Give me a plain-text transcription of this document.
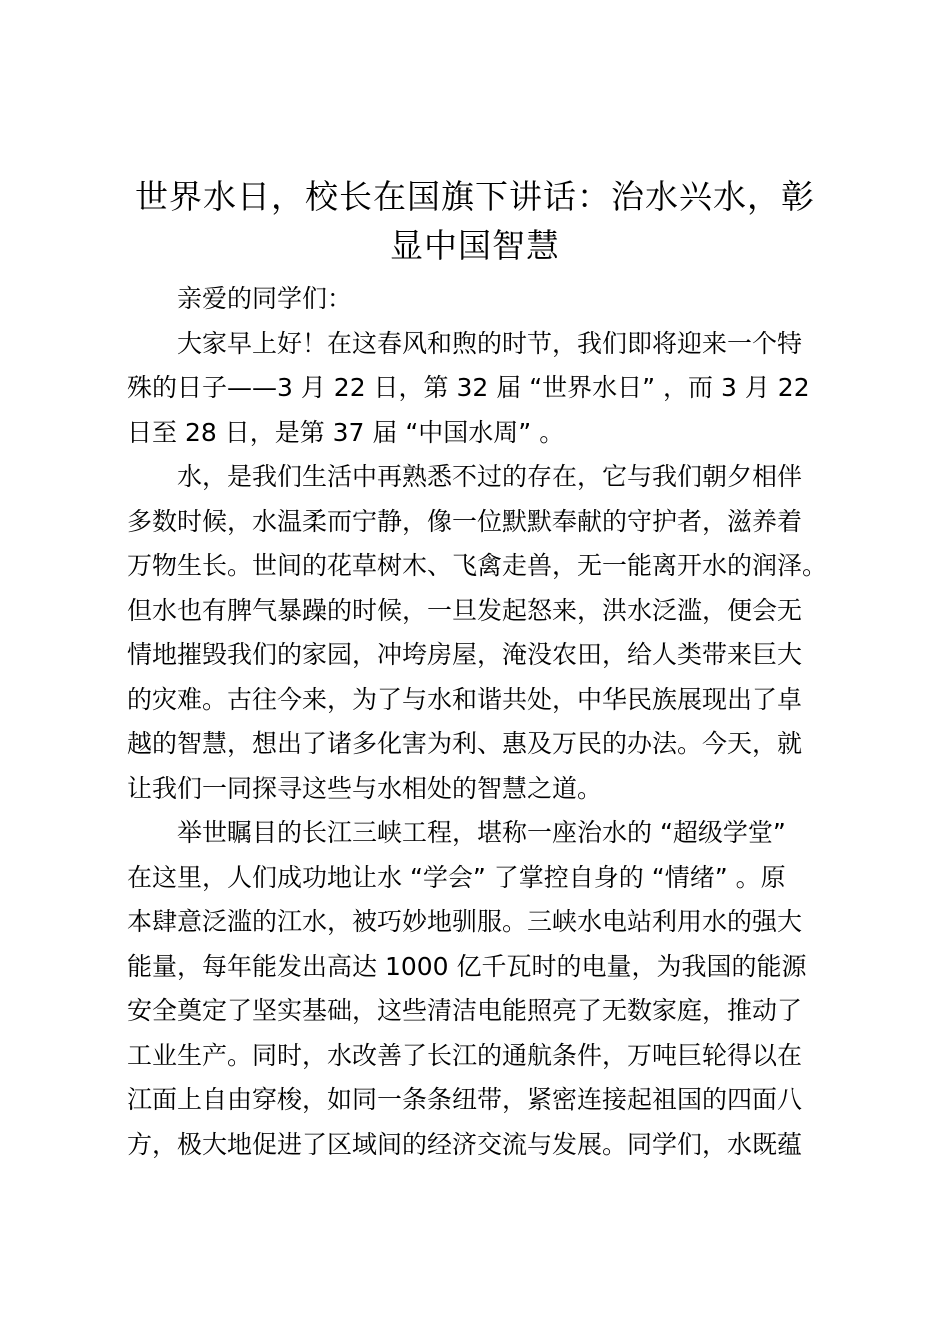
世界水日，校长在国旗下讲话：治水兴水，彰
显中国智慧
亲爱的同学们：
大家早上好！在这春风和煦的时节，我们即将迎来一个特
殊的日子——3 月 22 日，第 32 届 “世界水日” ，而 3 月 22
日至 28 日，是第 37 届 “中国水周” 。
水，是我们生活中再熟悉不过的存在，它与我们朝夕相伴
多数时候，水温柔而宁静，像一位默默奉献的守护者，滋养着
万物生长。世间的花草树木、飞禽走兽，无一能离开水的润泽。
但水也有脾气暴躁的时候，一旦发起怒来，洪水泛滥，便会无
情地摧毁我们的家园，冲垮房屋，淹没农田，给人类带来巨大
的灾难。古往今来，为了与水和谐共处，中华民族展现出了卓
越的智慧，想出了诸多化害为利、惠及万民的办法。今天，就
让我们一同探寻这些与水相处的智慧之道。
举世瞩目的长江三峡工程，堪称一座治水的 “超级学堂”
在这里，人们成功地让水 “学会” 了掌控自身的 “情绪” 。原
本肆意泛滥的江水，被巧妙地驯服。三峡水电站利用水的强大
能量，每年能发出高达 1000 亿千瓦时的电量，为我国的能源
安全奠定了坚实基础，这些清洁电能照亮了无数家庭，推动了
工业生产。同时，水改善了长江的通航条件，万吨巨轮得以在
江面上自由穿梭，如同一条条纽带，紧密连接起祖国的四面八
方，极大地促进了区域间的经济交流与发展。同学们，水既蕴
